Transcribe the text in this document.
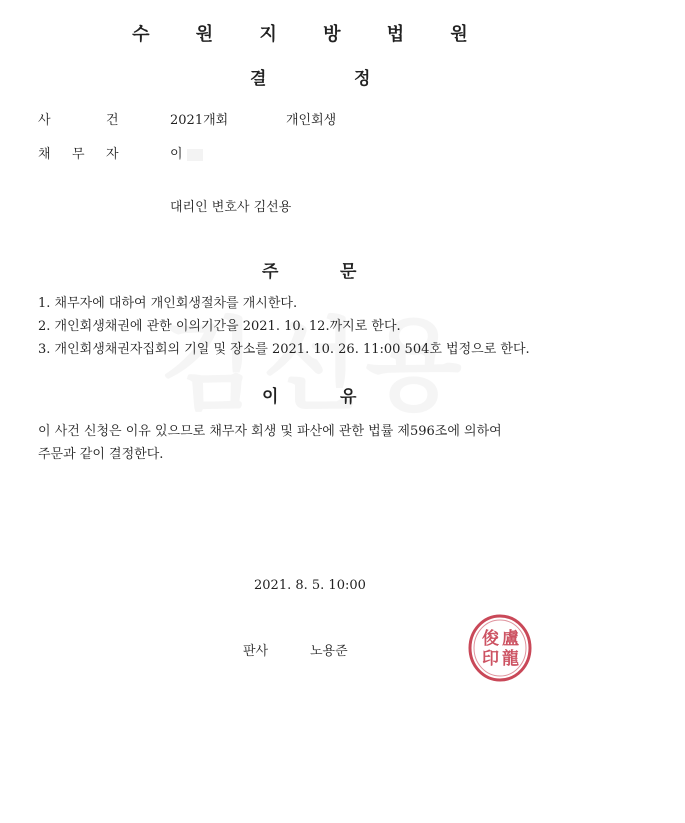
수 원 지 방 법 원
결	정
사	건	2021개회	개인회생
채 무 자	이
대리인 변호사 김선용
주	문
1. 채무자에 대하여 개인회생절차를 개시한다.
2. 개인회생채권에 관한 이의기간을 2021. 10. 12.까지로 한다.
3. 개인회생채권자집회의 기일 및 장소를 2021. 10. 26. 11:00 504호 법정으로 한다.
이	유
이 사건 신청은 이유 있으므로 채무자 회생 및 파산에 관한 법률 제596조에 의하여
주문과 같이 결정한다.
2021. 8. 5. 10:00
판사	노용준
盧
龍
俊
印
